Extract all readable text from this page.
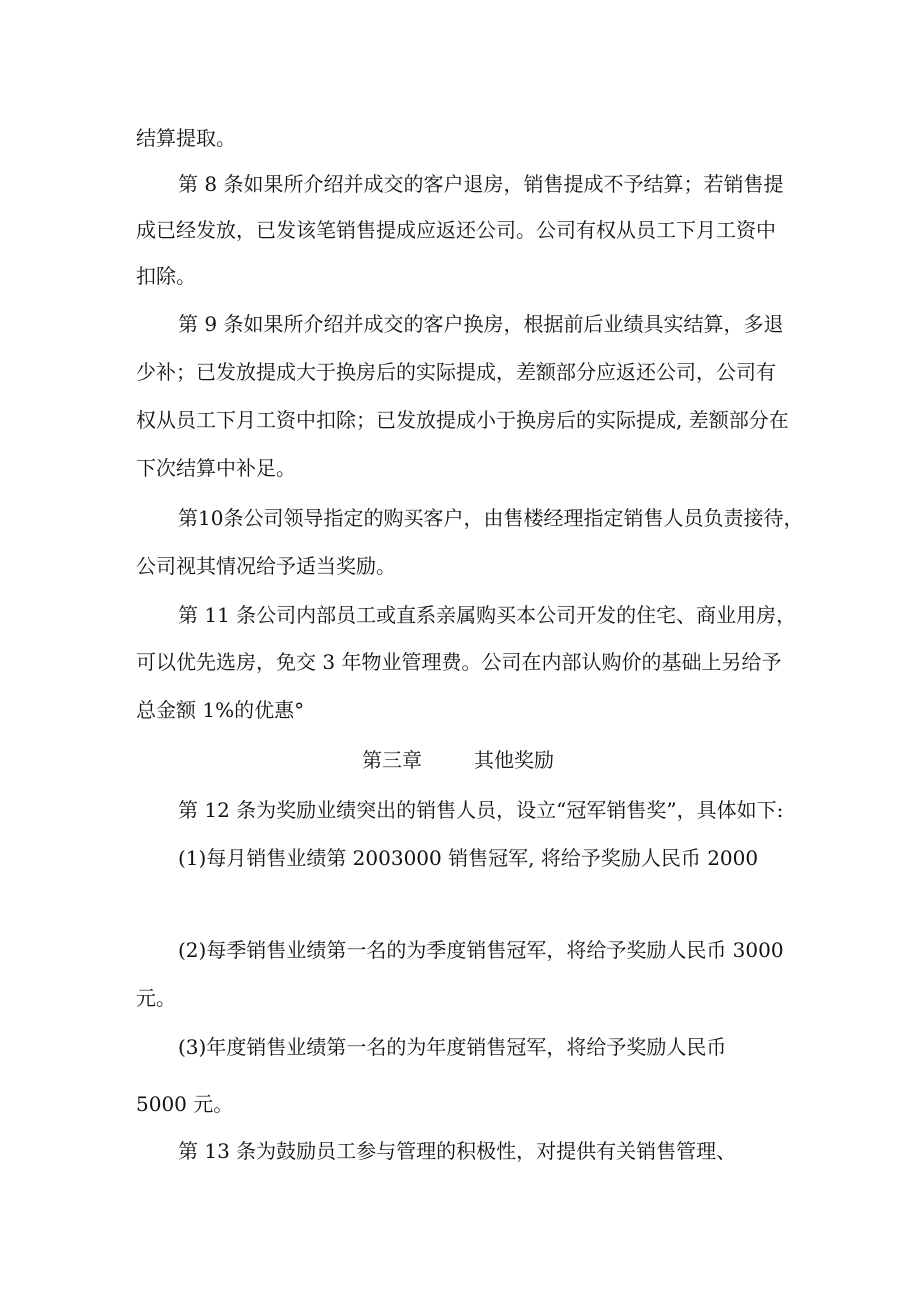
结算提取。
第 8 条如果所介绍并成交的客户退房，销售提成不予结算；若销售提
成已经发放，已发该笔销售提成应返还公司。公司有权从员工下月工资中
扣除。
第 9 条如果所介绍并成交的客户换房，根据前后业绩具实结算，多退
少补；已发放提成大于换房后的实际提成，差额部分应返还公司，公司有
权从员工下月工资中扣除；已发放提成小于换房后的实际提成, 差额部分在
下次结算中补足。
第10条公司领导指定的购买客户，由售楼经理指定销售人员负责接待，
公司视其情况给予适当奖励。
第 11 条公司内部员工或直系亲属购买本公司开发的住宅、商业用房，
可以优先选房，免交 3 年物业管理费。公司在内部认购价的基础上另给予
总金额 1%的优惠°
第三章	其他奖励
第 12 条为奖励业绩突出的销售人员，设立“冠军销售奖”，具体如下:
(1)每月销售业绩第 2003000 销售冠军, 将给予奖励人民币 2000
(2)每季销售业绩第一名的为季度销售冠军，将给予奖励人民币 3000
元。
(3)年度销售业绩第一名的为年度销售冠军，将给予奖励人民币
5000 元。
第 13 条为鼓励员工参与管理的积极性，对提供有关销售管理、
